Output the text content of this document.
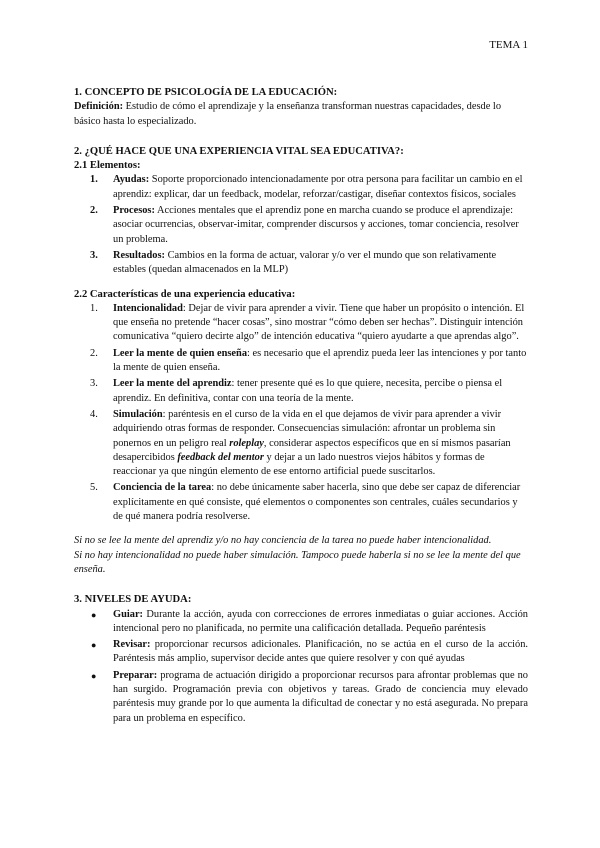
TEMA 1
1. CONCEPTO DE PSICOLOGÍA DE LA EDUCACIÓN:

Definición: Estudio de cómo el aprendizaje y la enseñanza transforman nuestras capacidades, desde lo básico hasta lo especializado.

2. ¿QUÉ HACE QUE UNA EXPERIENCIA VITAL SEA EDUCATIVA?:
2.1 Elementos:
1. Ayudas: Soporte proporcionado intencionadamente por otra persona para facilitar un cambio en el aprendiz: explicar, dar un feedback, modelar, reforzar/castigar, diseñar contextos físicos, sociales
2. Procesos: Acciones mentales que el aprendiz pone en marcha cuando se produce el aprendizaje: asociar ocurrencias, observar-imitar, comprender discursos y acciones, tomar conciencia, resolver un problema.
3. Resultados: Cambios en la forma de actuar, valorar y/o ver el mundo que son relativamente estables (quedan almacenados en la MLP)
2.2 Características de una experiencia educativa:
1. Intencionalidad: Dejar de vivir para aprender a vivir. Tiene que haber un propósito o intención. El que enseña no pretende “hacer cosas”, sino mostrar “cómo deben ser hechas”. Distinguir intención comunicativa “quiero decirte algo” de intención educativa “quiero ayudarte a que aprendas algo”.
2. Leer la mente de quien enseña: es necesario que el aprendiz pueda leer las intenciones y por tanto la mente de quien enseña.
3. Leer la mente del aprendiz: tener presente qué es lo que quiere, necesita, percibe o piensa el aprendiz. En definitiva, contar con una teoría de la mente.
4. Simulación: paréntesis en el curso de la vida en el que dejamos de vivir para aprender a vivir adquiriendo otras formas de responder. Consecuencias simulación: afrontar un problema sin ponernos en un peligro real roleplay, considerar aspectos específicos que en sí mismos pasarían desapercibidos feedback del mentor y dejar a un lado nuestros viejos hábitos y formas de reaccionar ya que ningún elemento de ese entorno artificial puede suscitarlos.
5. Conciencia de la tarea: no debe únicamente saber hacerla, sino que debe ser capaz de diferenciar explícitamente en qué consiste, qué elementos o componentes son centrales, cuáles secundarios y de qué manera podría resolverse.

Si no se lee la mente del aprendiz y/o no hay conciencia de la tarea no puede haber intencionalidad.
Si no hay intencionalidad no puede haber simulación. Tampoco puede haberla si no se lee la mente del que enseña.

3. NIVELES DE AYUDA:
● Guiar: Durante la acción, ayuda con correcciones de errores inmediatas o guiar acciones. Acción intencional pero no planificada, no permite una calificación detallada. Pequeño paréntesis
● Revisar: proporcionar recursos adicionales. Planificación, no se actúa en el curso de la acción. Paréntesis más amplio, supervisor decide antes que quiere resolver y con qué ayudas
● Preparar: programa de actuación dirigido a proporcionar recursos para afrontar problemas que no han surgido. Programación previa con objetivos y tareas. Grado de conciencia muy elevado paréntesis muy grande por lo que aumenta la dificultad de conectar y no está asegurada. No prepara para un problema en específico.
